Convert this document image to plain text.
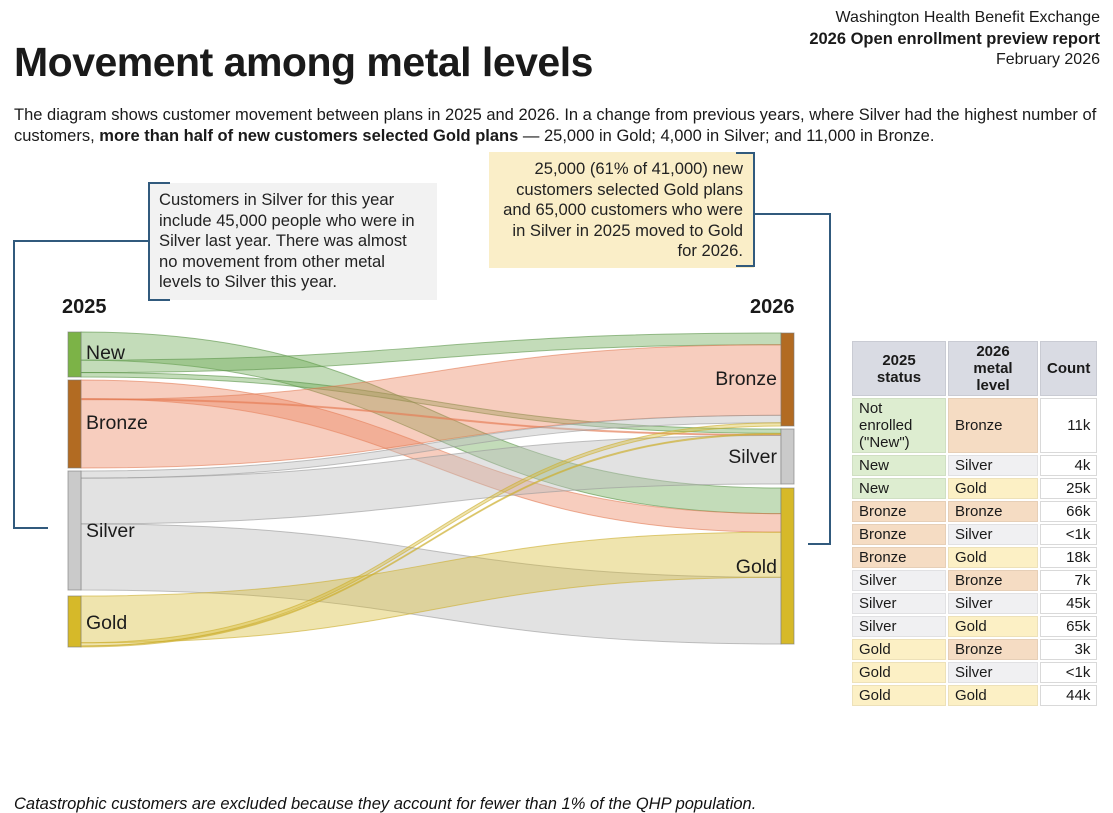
Movement among metal levels
Washington Health Benefit Exchange
2026 Open enrollment preview report
February 2026

The diagram shows customer movement between plans in 2025 and 2026. In a change from previous years, where Silver had the highest number of customers, more than half of new customers selected Gold plans — 25,000 in Gold; 4,000 in Silver; and 11,000 in Bronze.

Customers in Silver for this year include 45,000 people who were in Silver last year. There was almost no movement from other metal levels to Silver this year.
25,000 (61% of 41,000) new customers selected Gold plans and 65,000 customers who were in Silver in 2025 moved to Gold for 2026.
2025	2026
New
Bronze
Silver
Gold
Bronze
Silver
Gold
2025 status	2026 metal level	Count
Not enrolled ("New")	Bronze	11k
New	Silver	4k
New	Gold	25k
Bronze	Bronze	66k
Bronze	Silver	<1k
Bronze	Gold	18k
Silver	Bronze	7k
Silver	Silver	45k
Silver	Gold	65k
Gold	Bronze	3k
Gold	Silver	<1k
Gold	Gold	44k

Catastrophic customers are excluded because they account for fewer than 1% of the QHP population.
